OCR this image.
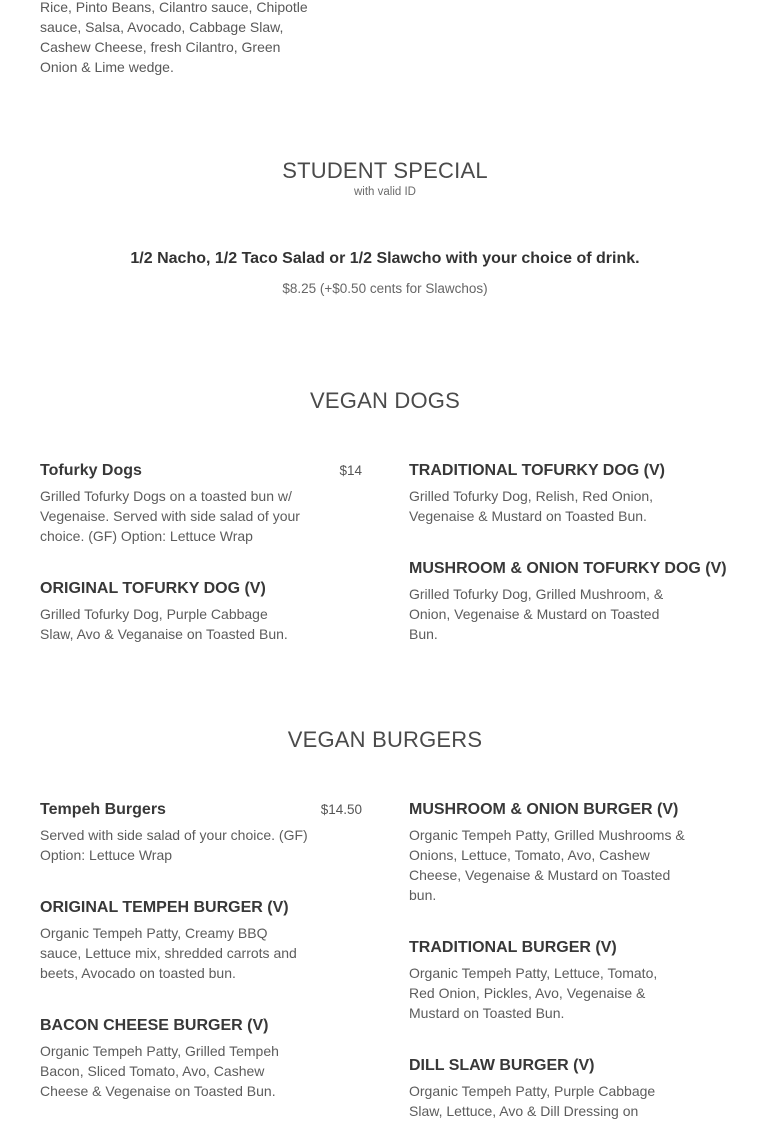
Rice, Pinto Beans, Cilantro sauce, Chipotle sauce, Salsa, Avocado, Cabbage Slaw, Cashew Cheese, fresh Cilantro, Green Onion & Lime wedge.
STUDENT SPECIAL
with valid ID
1/2 Nacho, 1/2 Taco Salad or 1/2 Slawcho with your choice of drink.
$8.25 (+$0.50 cents for Slawchos)
VEGAN DOGS
Tofurky Dogs	$14
Grilled Tofurky Dogs on a toasted bun w/ Vegenaise. Served with side salad of your choice. (GF) Option: Lettuce Wrap
ORIGINAL TOFURKY DOG (V)
Grilled Tofurky Dog, Purple Cabbage Slaw, Avo & Veganaise on Toasted Bun.
TRADITIONAL TOFURKY DOG (V)
Grilled Tofurky Dog, Relish, Red Onion, Vegenaise & Mustard on Toasted Bun.
MUSHROOM & ONION TOFURKY DOG (V)
Grilled Tofurky Dog, Grilled Mushroom, & Onion, Vegenaise & Mustard on Toasted Bun.
VEGAN BURGERS
Tempeh Burgers	$14.50
Served with side salad of your choice. (GF) Option: Lettuce Wrap
ORIGINAL TEMPEH BURGER (V)
Organic Tempeh Patty, Creamy BBQ sauce, Lettuce mix, shredded carrots and beets, Avocado on toasted bun.
BACON CHEESE BURGER (V)
Organic Tempeh Patty, Grilled Tempeh Bacon, Sliced Tomato, Avo, Cashew Cheese & Vegenaise on Toasted Bun.
MUSHROOM & ONION BURGER (V)
Organic Tempeh Patty, Grilled Mushrooms & Onions, Lettuce, Tomato, Avo, Cashew Cheese, Vegenaise & Mustard on Toasted bun.
TRADITIONAL BURGER (V)
Organic Tempeh Patty, Lettuce, Tomato, Red Onion, Pickles, Avo, Vegenaise & Mustard on Toasted Bun.
DILL SLAW BURGER (V)
Organic Tempeh Patty, Purple Cabbage Slaw, Lettuce, Avo & Dill Dressing on
